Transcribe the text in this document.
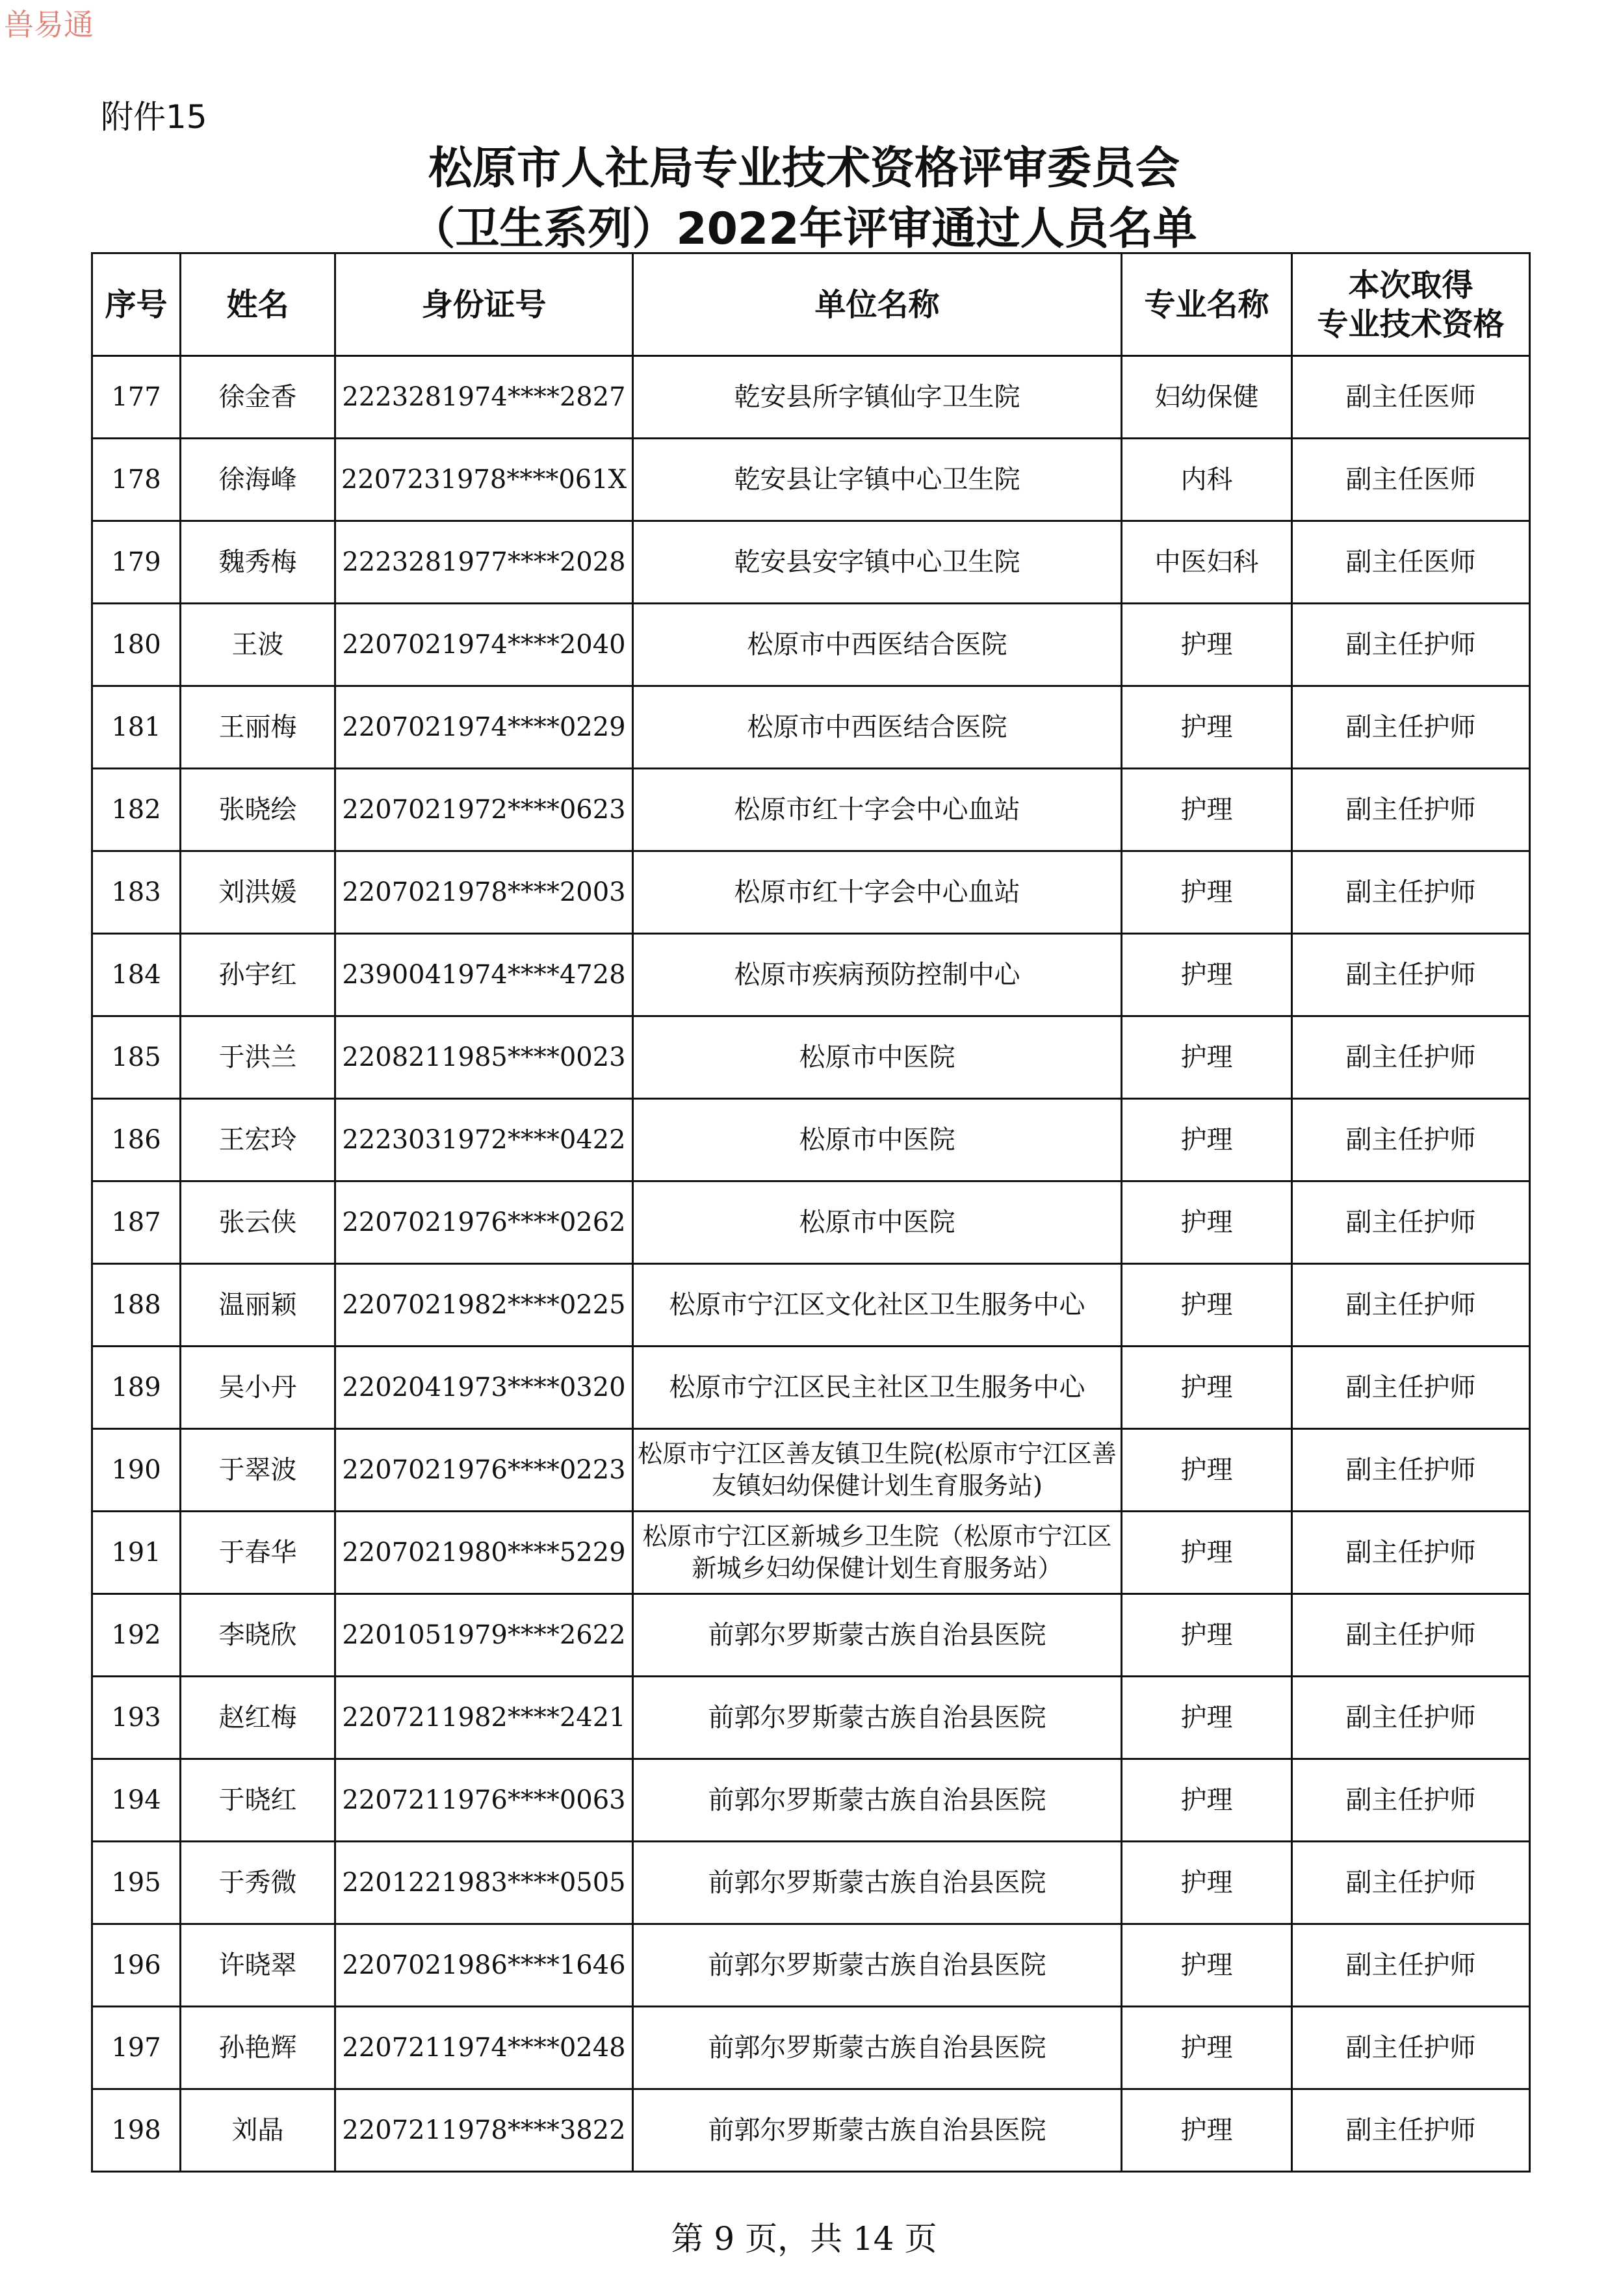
兽易通
附件15
松原市人社局专业技术资格评审委员会
（卫生系列）2022年评审通过人员名单
序号	姓名	身份证号	单位名称	专业名称	本次取得
专业技术资格
177	徐金香	2223281974****2827	乾安县所字镇仙字卫生院	妇幼保健	副主任医师
178	徐海峰	2207231978****061X	乾安县让字镇中心卫生院	内科	副主任医师
179	魏秀梅	2223281977****2028	乾安县安字镇中心卫生院	中医妇科	副主任医师
180	王波	2207021974****2040	松原市中西医结合医院	护理	副主任护师
181	王丽梅	2207021974****0229	松原市中西医结合医院	护理	副主任护师
182	张晓绘	2207021972****0623	松原市红十字会中心血站	护理	副主任护师
183	刘洪媛	2207021978****2003	松原市红十字会中心血站	护理	副主任护师
184	孙宇红	2390041974****4728	松原市疾病预防控制中心	护理	副主任护师
185	于洪兰	2208211985****0023	松原市中医院	护理	副主任护师
186	王宏玲	2223031972****0422	松原市中医院	护理	副主任护师
187	张云侠	2207021976****0262	松原市中医院	护理	副主任护师
188	温丽颖	2207021982****0225	松原市宁江区文化社区卫生服务中心	护理	副主任护师
189	吴小丹	2202041973****0320	松原市宁江区民主社区卫生服务中心	护理	副主任护师
190	于翠波	2207021976****0223	松原市宁江区善友镇卫生院(松原市宁江区善友镇妇幼保健计划生育服务站)	护理	副主任护师
191	于春华	2207021980****5229	松原市宁江区新城乡卫生院（松原市宁江区新城乡妇幼保健计划生育服务站）	护理	副主任护师
192	李晓欣	2201051979****2622	前郭尔罗斯蒙古族自治县医院	护理	副主任护师
193	赵红梅	2207211982****2421	前郭尔罗斯蒙古族自治县医院	护理	副主任护师
194	于晓红	2207211976****0063	前郭尔罗斯蒙古族自治县医院	护理	副主任护师
195	于秀微	2201221983****0505	前郭尔罗斯蒙古族自治县医院	护理	副主任护师
196	许晓翠	2207021986****1646	前郭尔罗斯蒙古族自治县医院	护理	副主任护师
197	孙艳辉	2207211974****0248	前郭尔罗斯蒙古族自治县医院	护理	副主任护师
198	刘晶	2207211978****3822	前郭尔罗斯蒙古族自治县医院	护理	副主任护师
第 9 页，共 14 页
